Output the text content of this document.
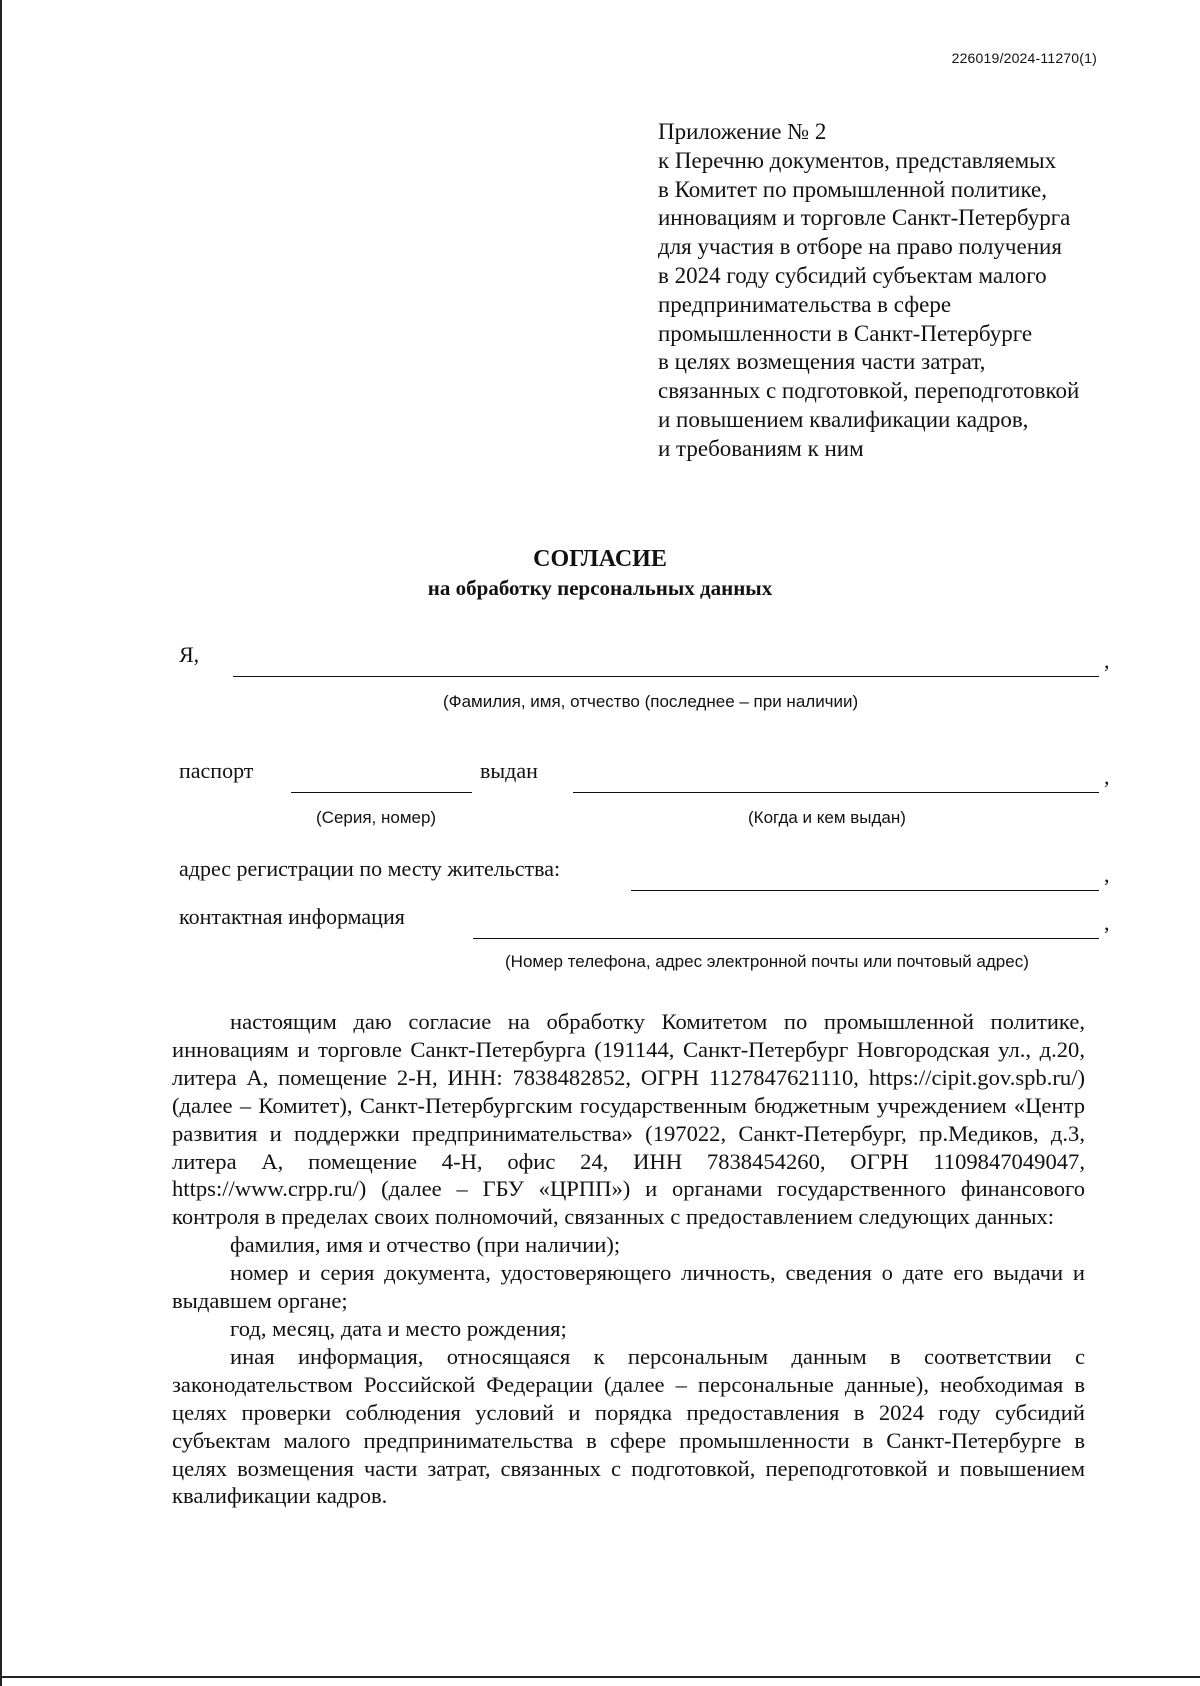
226019/2024-11270(1)
Приложение № 2
к Перечню документов, представляемых
в Комитет по промышленной политике,
инновациям и торговле Санкт-Петербурга
для участия в отборе на право получения
в 2024 году субсидий субъектам малого
предпринимательства в сфере
промышленности в Санкт-Петербурге
в целях возмещения части затрат,
связанных с подготовкой, переподготовкой
и повышением квалификации кадров,
и требованиям к ним
СОГЛАСИЕ
на обработку персональных данных
Я,	,
(Фамилия, имя, отчество (последнее – при наличии)
паспорт	выдан	,
(Серия, номер)	(Когда и кем выдан)
адрес регистрации по месту жительства:	,
контактная информация	,
(Номер телефона, адрес электронной почты или почтовый адрес)

настоящим даю согласие на обработку Комитетом по промышленной политике, инновациям и торговле Санкт-Петербурга (191144, Санкт-Петербург Новгородская ул., д.20, литера А, помещение 2-Н, ИНН: 7838482852, ОГРН 1127847621110, https://cipit.gov.spb.ru/) (далее – Комитет), Санкт-Петербургским государственным бюджетным учреждением «Центр развития и поддержки предпринимательства» (197022, Санкт-Петербург, пр.Медиков, д.3, литера А, помещение 4-Н, офис 24, ИНН 7838454260, ОГРН 1109847049047, https://www.crpp.ru/) (далее – ГБУ «ЦРПП») и органами государственного финансового контроля в пределах своих полномочий, связанных с предоставлением следующих данных:

фамилия, имя и отчество (при наличии);

номер и серия документа, удостоверяющего личность, сведения о дате его выдачи и выдавшем органе;

год, месяц, дата и место рождения;

иная информация, относящаяся к персональным данным в соответствии с законодательством Российской Федерации (далее – персональные данные), необходимая в целях проверки соблюдения условий и порядка предоставления в 2024 году субсидий субъектам малого предпринимательства в сфере промышленности в Санкт-Петербурге в целях возмещения части затрат, связанных с подготовкой, переподготовкой и повышением квалификации кадров.
